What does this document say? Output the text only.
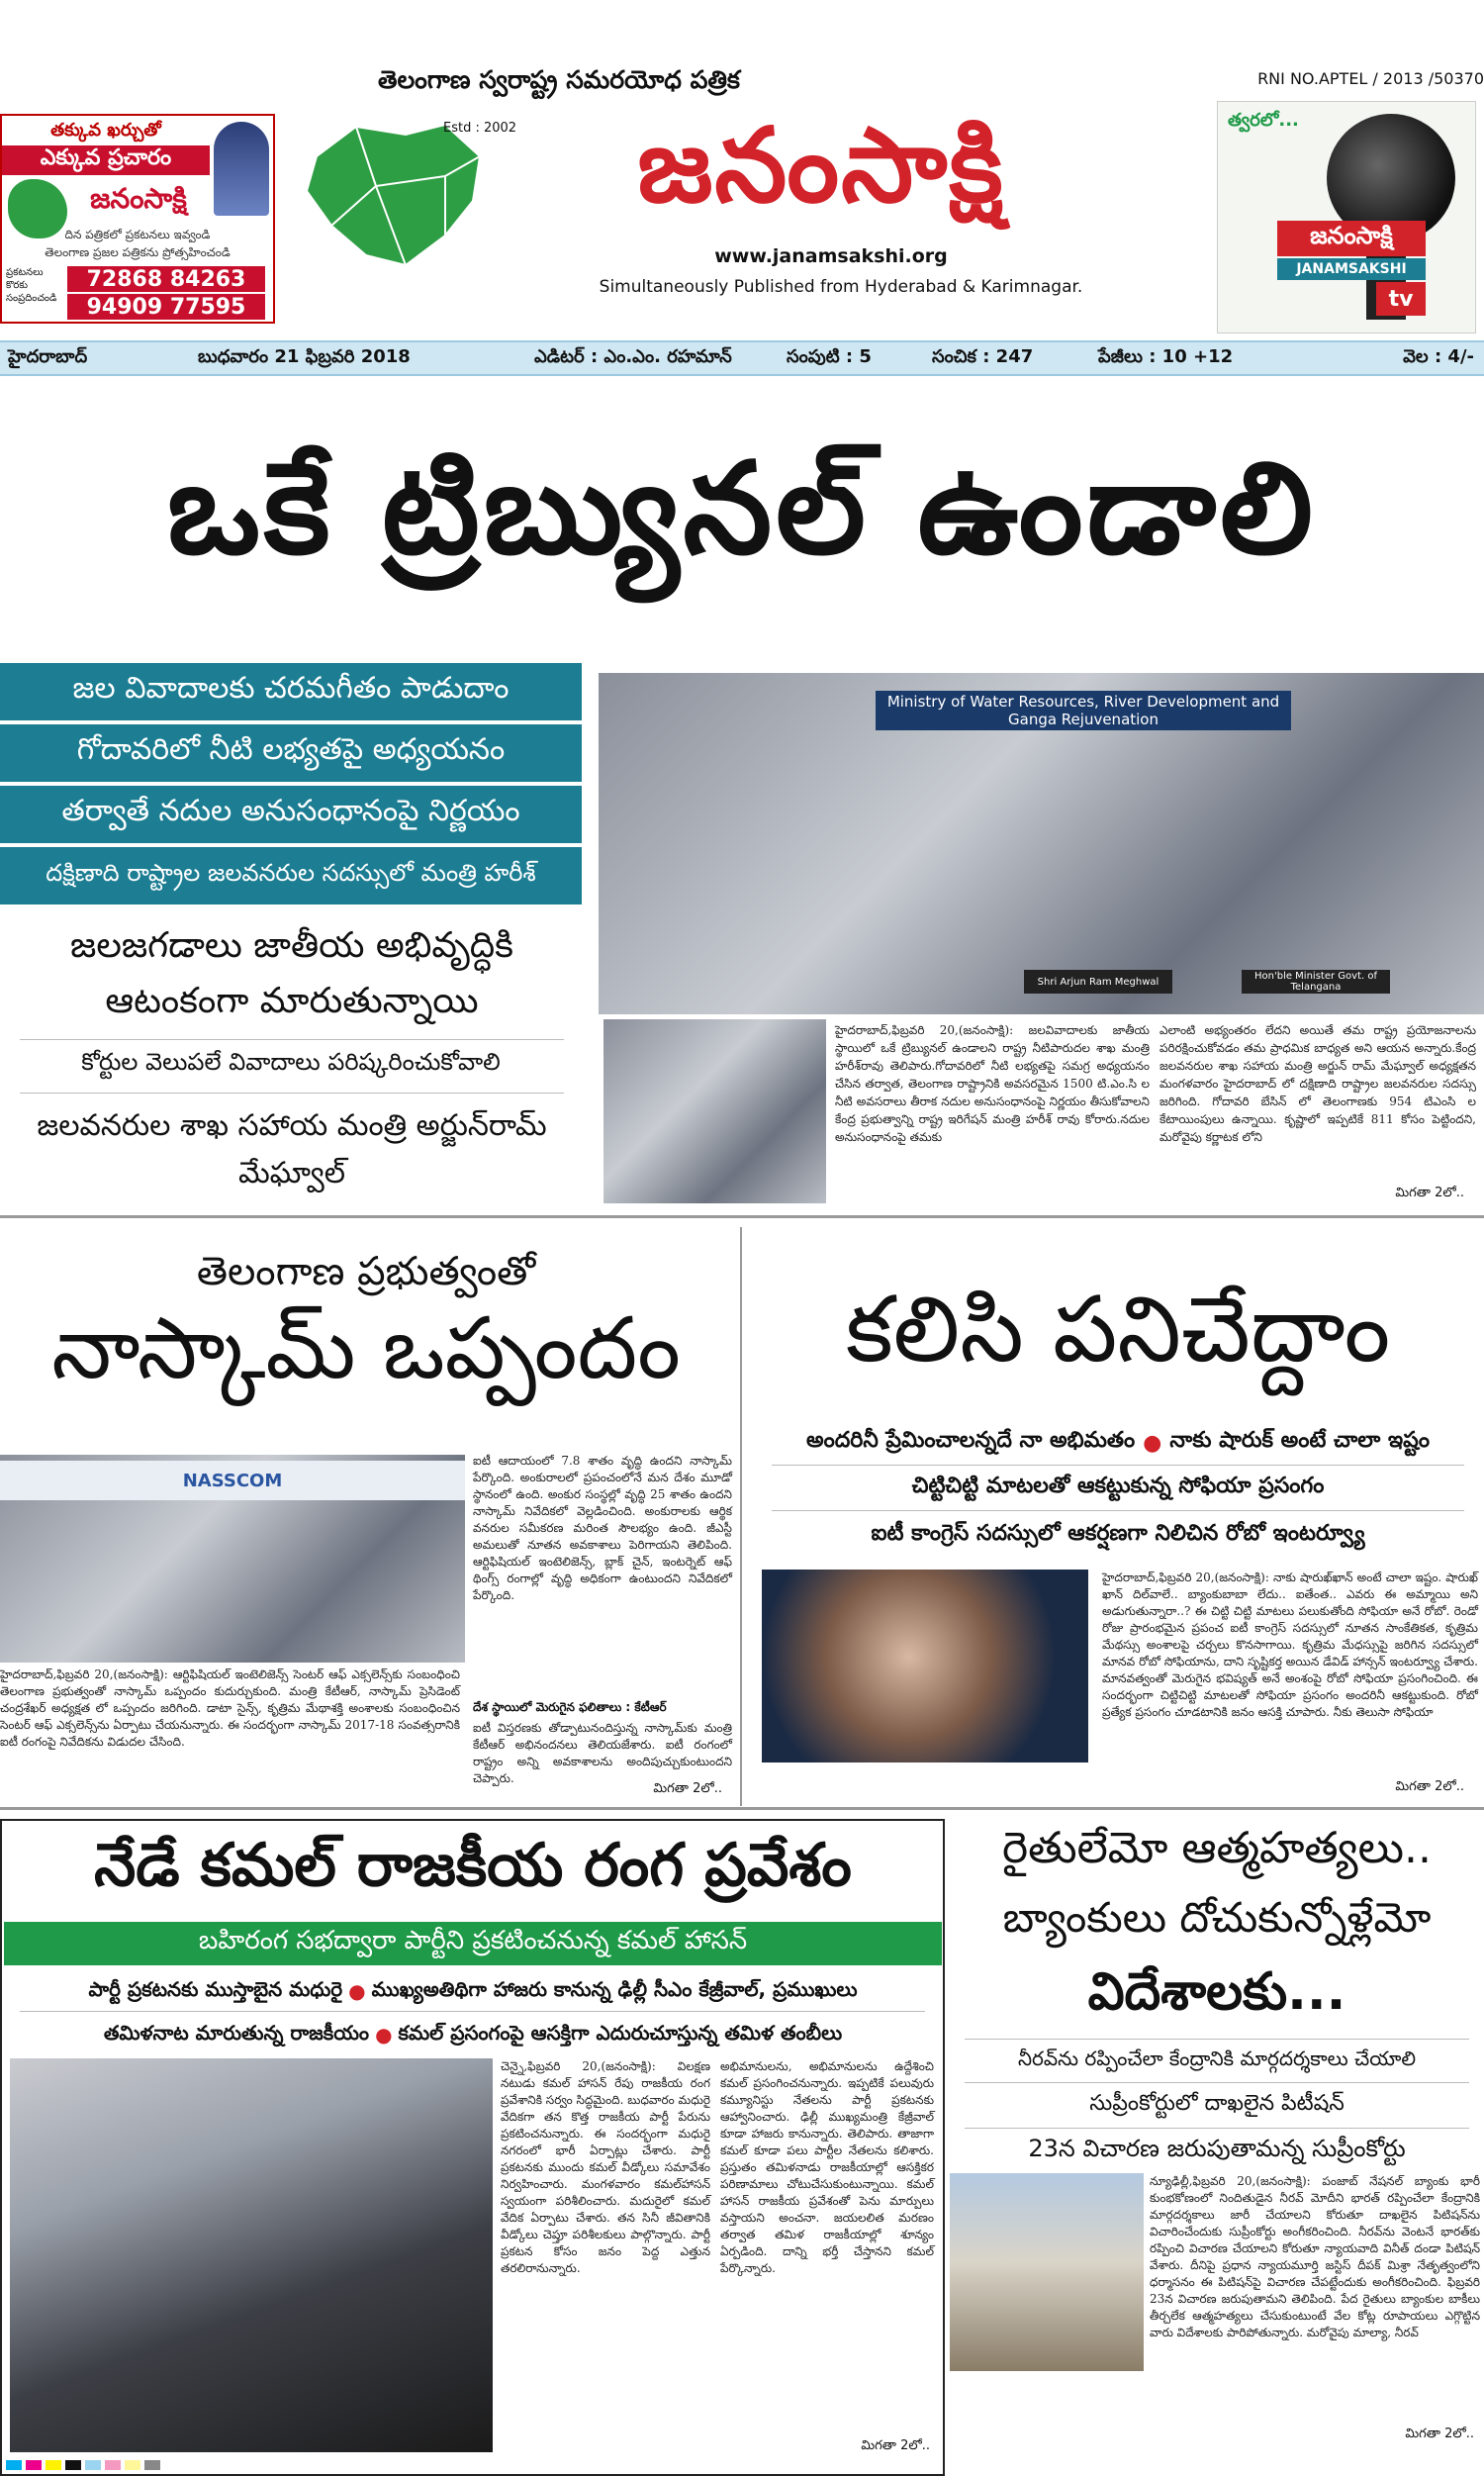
తక్కువ ఖర్చుతో
ఎక్కువ ప్రచారం
జనంసాక్షి
దిన పత్రికలో ప్రకటనలు ఇవ్వండి
తెలంగాణ ప్రజల పత్రికను ప్రోత్సహించండి
ప్రకటనలు కొరకు సంప్రదించండి
72868 84263
94909 77595
తెలంగాణ స్వరాష్ట్ర సమరయోధ పత్రిక
Estd : 2002	జనంసాక్షి
www.janamsakshi.org
Simultaneously Published from Hyderabad & Karimnagar.
RNI NO.APTEL / 2013 /50370
త్వరలో...
జనంసాక్షి
JANAMSAKSHI
tv
హైదరాబాద్	బుధవారం 21 ఫిబ్రవరి 2018	ఎడిటర్ : ఎం.ఎం. రహమాన్	సంపుటి : 5	సంచిక : 247	పేజీలు : 10 +12	వెల : 4/-
ఒకే ట్రిబ్యునల్ ఉండాలి
జల వివాదాలకు చరమగీతం పాడుదాం
గోదావరిలో నీటి లభ్యతపై అధ్యయనం
తర్వాతే నదుల అనుసంధానంపై నిర్ణయం
దక్షిణాది రాష్ట్రాల జలవనరుల సదస్సులో మంత్రి హరీశ్
జలజగడాలు జాతీయ అభివృద్ధికి ఆటంకంగా మారుతున్నాయి
కోర్టుల వెలుపలే వివాదాలు పరిష్కరించుకోవాలి
జలవనరుల శాఖ సహాయ మంత్రి అర్జున్‌రామ్ మేఘ్వాల్
Ministry of Water Resources, River Development and Ganga Rejuvenation
Shri Arjun Ram Meghwal	Hon'ble Minister Govt. of Telangana
హైదరాబాద్,ఫిబ్రవరి 20,(జనంసాక్షి): జలవివాదాలకు జాతీయ స్థాయిలో ఒకే ట్రిబ్యునల్ ఉండాలని రాష్ట్ర నీటిపారుదల శాఖ మంత్రి హరీశ్‌రావు తెలిపారు.గోదావరిలో నీటి లభ్యతపై సమగ్ర అధ్యయనం చేసిన తర్వాత, తెలంగాణ రాష్ట్రానికి అవసరమైన 1500 టి.ఎం.సి ల నీటి అవసరాలు తీరాక నదుల అనుసంధానంపై నిర్ణయం తీసుకోవాలని కేంద్ర ప్రభుత్వాన్ని రాష్ట్ర ఇరిగేషన్ మంత్రి హరీశ్ రావు కోరారు.నదుల అనుసంధానంపై తమకు
ఎలాంటి అభ్యంతరం లేదని అయితే తమ రాష్ట్ర ప్రయోజనాలను పరిరక్షించుకోవడం తమ ప్రాధమిక బాధ్యత అని ఆయన అన్నారు.కేంద్ర జలవనరుల శాఖ సహాయ మంత్రి అర్జున్ రామ్ మేఘ్వాల్ అధ్యక్షతన మంగళవారం హైదరాబాద్ లో దక్షిణాది రాష్ట్రాల జలవనరుల సదస్సు జరిగింది. గోదావరి బేసిన్ లో తెలంగాణకు 954 టిఎంసి ల కేటాయింపులు ఉన్నాయి. కృష్ణాలో ఇప్పటికే 811 కోసం పెట్టిందని, మరోవైపు కర్ణాటక లోని
మిగతా 2లో..
తెలంగాణ ప్రభుత్వంతో
నాస్కామ్ ఒప్పందం
NASSCOM
హైదరాబాద్,ఫిబ్రవరి 20,(జనంసాక్షి): ఆర్టిఫిషియల్ ఇంటెలిజెన్స్ సెంటర్ ఆఫ్ ఎక్సలెన్స్‌కు సంబంధించి తెలంగాణ ప్రభుత్వంతో నాస్కామ్ ఒప్పందం కుదుర్చుకుంది. మంత్రి కేటీఆర్, నాస్కామ్ ప్రెసిడెంట్ చంద్రశేఖర్ అధ్యక్షత లో ఒప్పందం జరిగింది. డాటా సైన్స్, కృత్రిమ మేథాశక్తి అంశాలకు సంబంధించిన సెంటర్ ఆఫ్ ఎక్సలెన్స్‌ను ఏర్పాటు చేయనున్నారు. ఈ సందర్భంగా నాస్కామ్ 2017-18 సంవత్సరానికి ఐటీ రంగంపై నివేదికను విడుదల చేసింది.
ఐటీ ఆదాయంలో 7.8 శాతం వృద్ధి ఉందని నాస్కామ్ పేర్కొంది. అంకురాలలో ప్రపంచంలోనే మన దేశం మూడో స్థానంలో ఉంది. అంకుర సంస్థల్లో వృద్ధి 25 శాతం ఉందని నాస్కామ్ నివేదికలో వెల్లడించింది. అంకురాలకు ఆర్థిక వనరుల సమీకరణ మరింత సౌలభ్యం ఉంది. జీఎస్టీ అమలుతో నూతన అవకాశాలు పెరిగాయని తెలిపింది. ఆర్టిఫిషియల్ ఇంటెలిజెన్స్, బ్లాక్ చైన్, ఇంటర్నెట్ ఆఫ్ థింగ్స్ రంగాల్లో వృద్ధి అధికంగా ఉంటుందని నివేదికలో పేర్కొంది.
దేశ స్థాయిలో మెరుగైన ఫలితాలు : కేటీఆర్
ఐటీ విస్తరణకు తోడ్పాటునందిస్తున్న నాస్కామ్‌కు మంత్రి కేటీఆర్ అభినందనలు తెలియజేశారు. ఐటీ రంగంలో రాష్ట్రం అన్ని అవకాశాలను అందిపుచ్చుకుంటుందని చెప్పారు.
మిగతా 2లో..
కలిసి పనిచేద్దాం
అందరినీ ప్రేమించాలన్నదే నా అభిమతం ● నాకు షారుక్ అంటే చాలా ఇష్టం
చిట్టిచిట్టి మాటలతో ఆకట్టుకున్న సోఫియా ప్రసంగం
ఐటీ కాంగ్రెస్ సదస్సులో ఆకర్షణగా నిలిచిన రోబో ఇంటర్వ్యూ
హైదరాబాద్,ఫిబ్రవరి 20,(జనంసాక్షి): నాకు షారుఖ్‌ఖాన్ అంటే చాలా ఇష్టం. షారుఖ్ ఖాన్ దిల్‌వాలే.. బ్యాంకుబాబా లేదు.. ఐతేంత.. ఎవరు ఈ అమ్మాయి అని అడుగుతున్నారా..? ఈ చిట్టి చిట్టి మాటలు పలుకుతోంది సోఫియా అనే రోబో. రెండో రోజు ప్రారంభమైన ప్రపంచ ఐటీ కాంగ్రెస్ సదస్సులో నూతన సాంకేతికత, కృత్రిమ మేథస్సు అంశాలపై చర్చలు కొనసాగాయి. కృత్రిమ మేధస్సుపై జరిగిన సదస్సులో మానవ రోబో సోఫియాను, దాని సృష్టికర్త అయిన డేవిడ్ హాన్సన్ ఇంటర్వ్యూ చేశారు. మానవత్వంతో మెరుగైన భవిష్యత్ అనే అంశంపై రోబో సోఫియా ప్రసంగించింది. ఈ సందర్భంగా చిట్టిచిట్టి మాటలతో సోఫియా ప్రసంగం అందరినీ ఆకట్టుకుంది. రోబో ప్రత్యేక ప్రసంగం చూడటానికి జనం ఆసక్తి చూపారు. నీకు తెలుసా సోఫియా
మిగతా 2లో..
నేడే కమల్ రాజకీయ రంగ ప్రవేశం
బహిరంగ సభద్వారా పార్టీని ప్రకటించనున్న కమల్ హాసన్
పార్టీ ప్రకటనకు ముస్తాబైన మధురై ● ముఖ్యఅతిథిగా హాజరు కానున్న ఢిల్లీ సీఎం కేజ్రీవాల్, ప్రముఖులు
తమిళనాట మారుతున్న రాజకీయం ● కమల్ ప్రసంగంపై ఆసక్తిగా ఎదురుచూస్తున్న తమిళ తంబీలు
చెన్నై,ఫిబ్రవరి 20,(జనంసాక్షి): విలక్షణ నటుడు కమల్ హాసన్ రేపు రాజకీయ రంగ ప్రవేశానికి సర్వం సిద్ధమైంది. బుధవారం మధురై వేదికగా తన కొత్త రాజకీయ పార్టీ పేరును ప్రకటించనున్నారు. ఈ సందర్భంగా మధురై నగరంలో భారీ ఏర్పాట్లు చేశారు. పార్టీ ప్రకటనకు ముందు కమల్ వీడ్కోలు సమావేశం నిర్వహించారు. మంగళవారం కమల్‌హాసన్ స్వయంగా పరిశీలించారు. మదురైలో కమల్ వేదిక ఏర్పాటు చేశారు. తన సినీ జీవితానికి వీడ్కోలు చెప్తూ పరిశీలకులు పాల్గొన్నారు. పార్టీ ప్రకటన కోసం జనం పెద్ద ఎత్తున తరలిరానున్నారు.
అభిమానులను, అభిమానులను ఉద్దేశించి కమల్ ప్రసంగించనున్నారు. ఇప్పటికే పలువురు కమ్యూనిస్టు నేతలను పార్టీ ప్రకటనకు ఆహ్వానించారు. ఢిల్లీ ముఖ్యమంత్రి కేజ్రీవాల్ కూడా హాజరు కానున్నారు. తెలిపారు. తాజాగా కమల్ కూడా పలు పార్టీల నేతలను కలిశారు. ప్రస్తుతం తమిళనాడు రాజకీయాల్లో ఆసక్తికర పరిణామాలు చోటుచేసుకుంటున్నాయి. కమల్ హాసన్ రాజకీయ ప్రవేశంతో పెను మార్పులు వస్తాయని అంచనా. జయలలిత మరణం తర్వాత తమిళ రాజకీయాల్లో శూన్యం ఏర్పడింది. దాన్ని భర్తీ చేస్తానని కమల్ పేర్కొన్నారు.
మిగతా 2లో..
రైతులేమో ఆత్మహత్యలు..
బ్యాంకులు దోచుకున్నోళ్లేమో
విదేశాలకు...
నీరవ్‌ను రప్పించేలా కేంద్రానికి మార్గదర్శకాలు చేయాలి
సుప్రీంకోర్టులో దాఖలైన పిటీషన్
23న విచారణ జరుపుతామన్న సుప్రీంకోర్టు
న్యూఢిల్లీ,ఫిబ్రవరి 20,(జనంసాక్షి): పంజాబ్ నేషనల్ బ్యాంకు భారీ కుంభకోణంలో నిందితుడైన నీరవ్ మోదీని భారత్‌ రప్పించేలా కేంద్రానికి మార్గదర్శకాలు జారీ చేయాలని కోరుతూ దాఖలైన పిటిషన్‌ను విచారించేందుకు సుప్రీంకోర్టు అంగీకరించింది. నీరవ్‌ను వెంటనే భారత్‌కు రప్పించి విచారణ చేయాలని కోరుతూ న్యాయవాది వినీత్ దండా పిటిషన్ వేశారు. దీనిపై ప్రధాన న్యాయమూర్తి జస్టిస్ దీపక్ మిశ్రా నేతృత్వంలోని ధర్మాసనం ఈ పిటిషన్‌పై విచారణ చేపట్టేందుకు అంగీకరించింది. ఫిబ్రవరి 23న విచారణ జరుపుతామని తెలిపింది. పేద రైతులు బ్యాంకుల బాకీలు తీర్చలేక ఆత్మహత్యలు చేసుకుంటుంటే వేల కోట్ల రూపాయలు ఎగ్గొట్టిన వారు విదేశాలకు పారిపోతున్నారు. మరోవైపు మాల్యా, నీరవ్
మిగతా 2లో..
